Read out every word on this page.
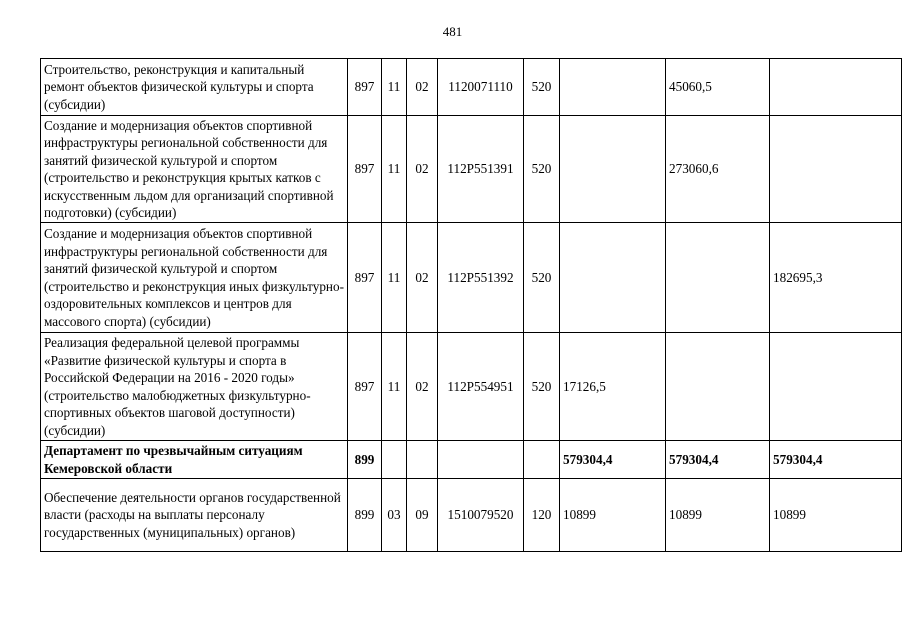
481
Строительство, реконструкция и капитальный ремонт объектов физической культуры и спорта (субсидии)	897	11	02	1120071110	520		45060,5	
Создание и модернизация объектов спортивной инфраструктуры региональной собственности для занятий физической культурой и спортом (строительство и реконструкция крытых катков с искусственным льдом для организаций спортивной подготовки) (субсидии)	897	11	02	112P551391	520		273060,6	
Создание и модернизация объектов спортивной инфраструктуры региональной собственности для занятий физической культурой и спортом (строительство и реконструкция иных физкультурно-оздоровительных комплексов и центров для массового спорта) (субсидии)	897	11	02	112P551392	520			182695,3
Реализация федеральной целевой программы «Развитие физической культуры и спорта в Российской Федерации на 2016 - 2020 годы» (строительство малобюджетных физкультурно-спортивных объектов шаговой доступности) (субсидии)	897	11	02	112P554951	520	17126,5		
Департамент по чрезвычайным ситуациям Кемеровской области	899					579304,4	579304,4	579304,4
Обеспечение деятельности органов государственной власти (расходы на выплаты персоналу государственных (муниципальных) органов)	899	03	09	1510079520	120	10899	10899	10899
